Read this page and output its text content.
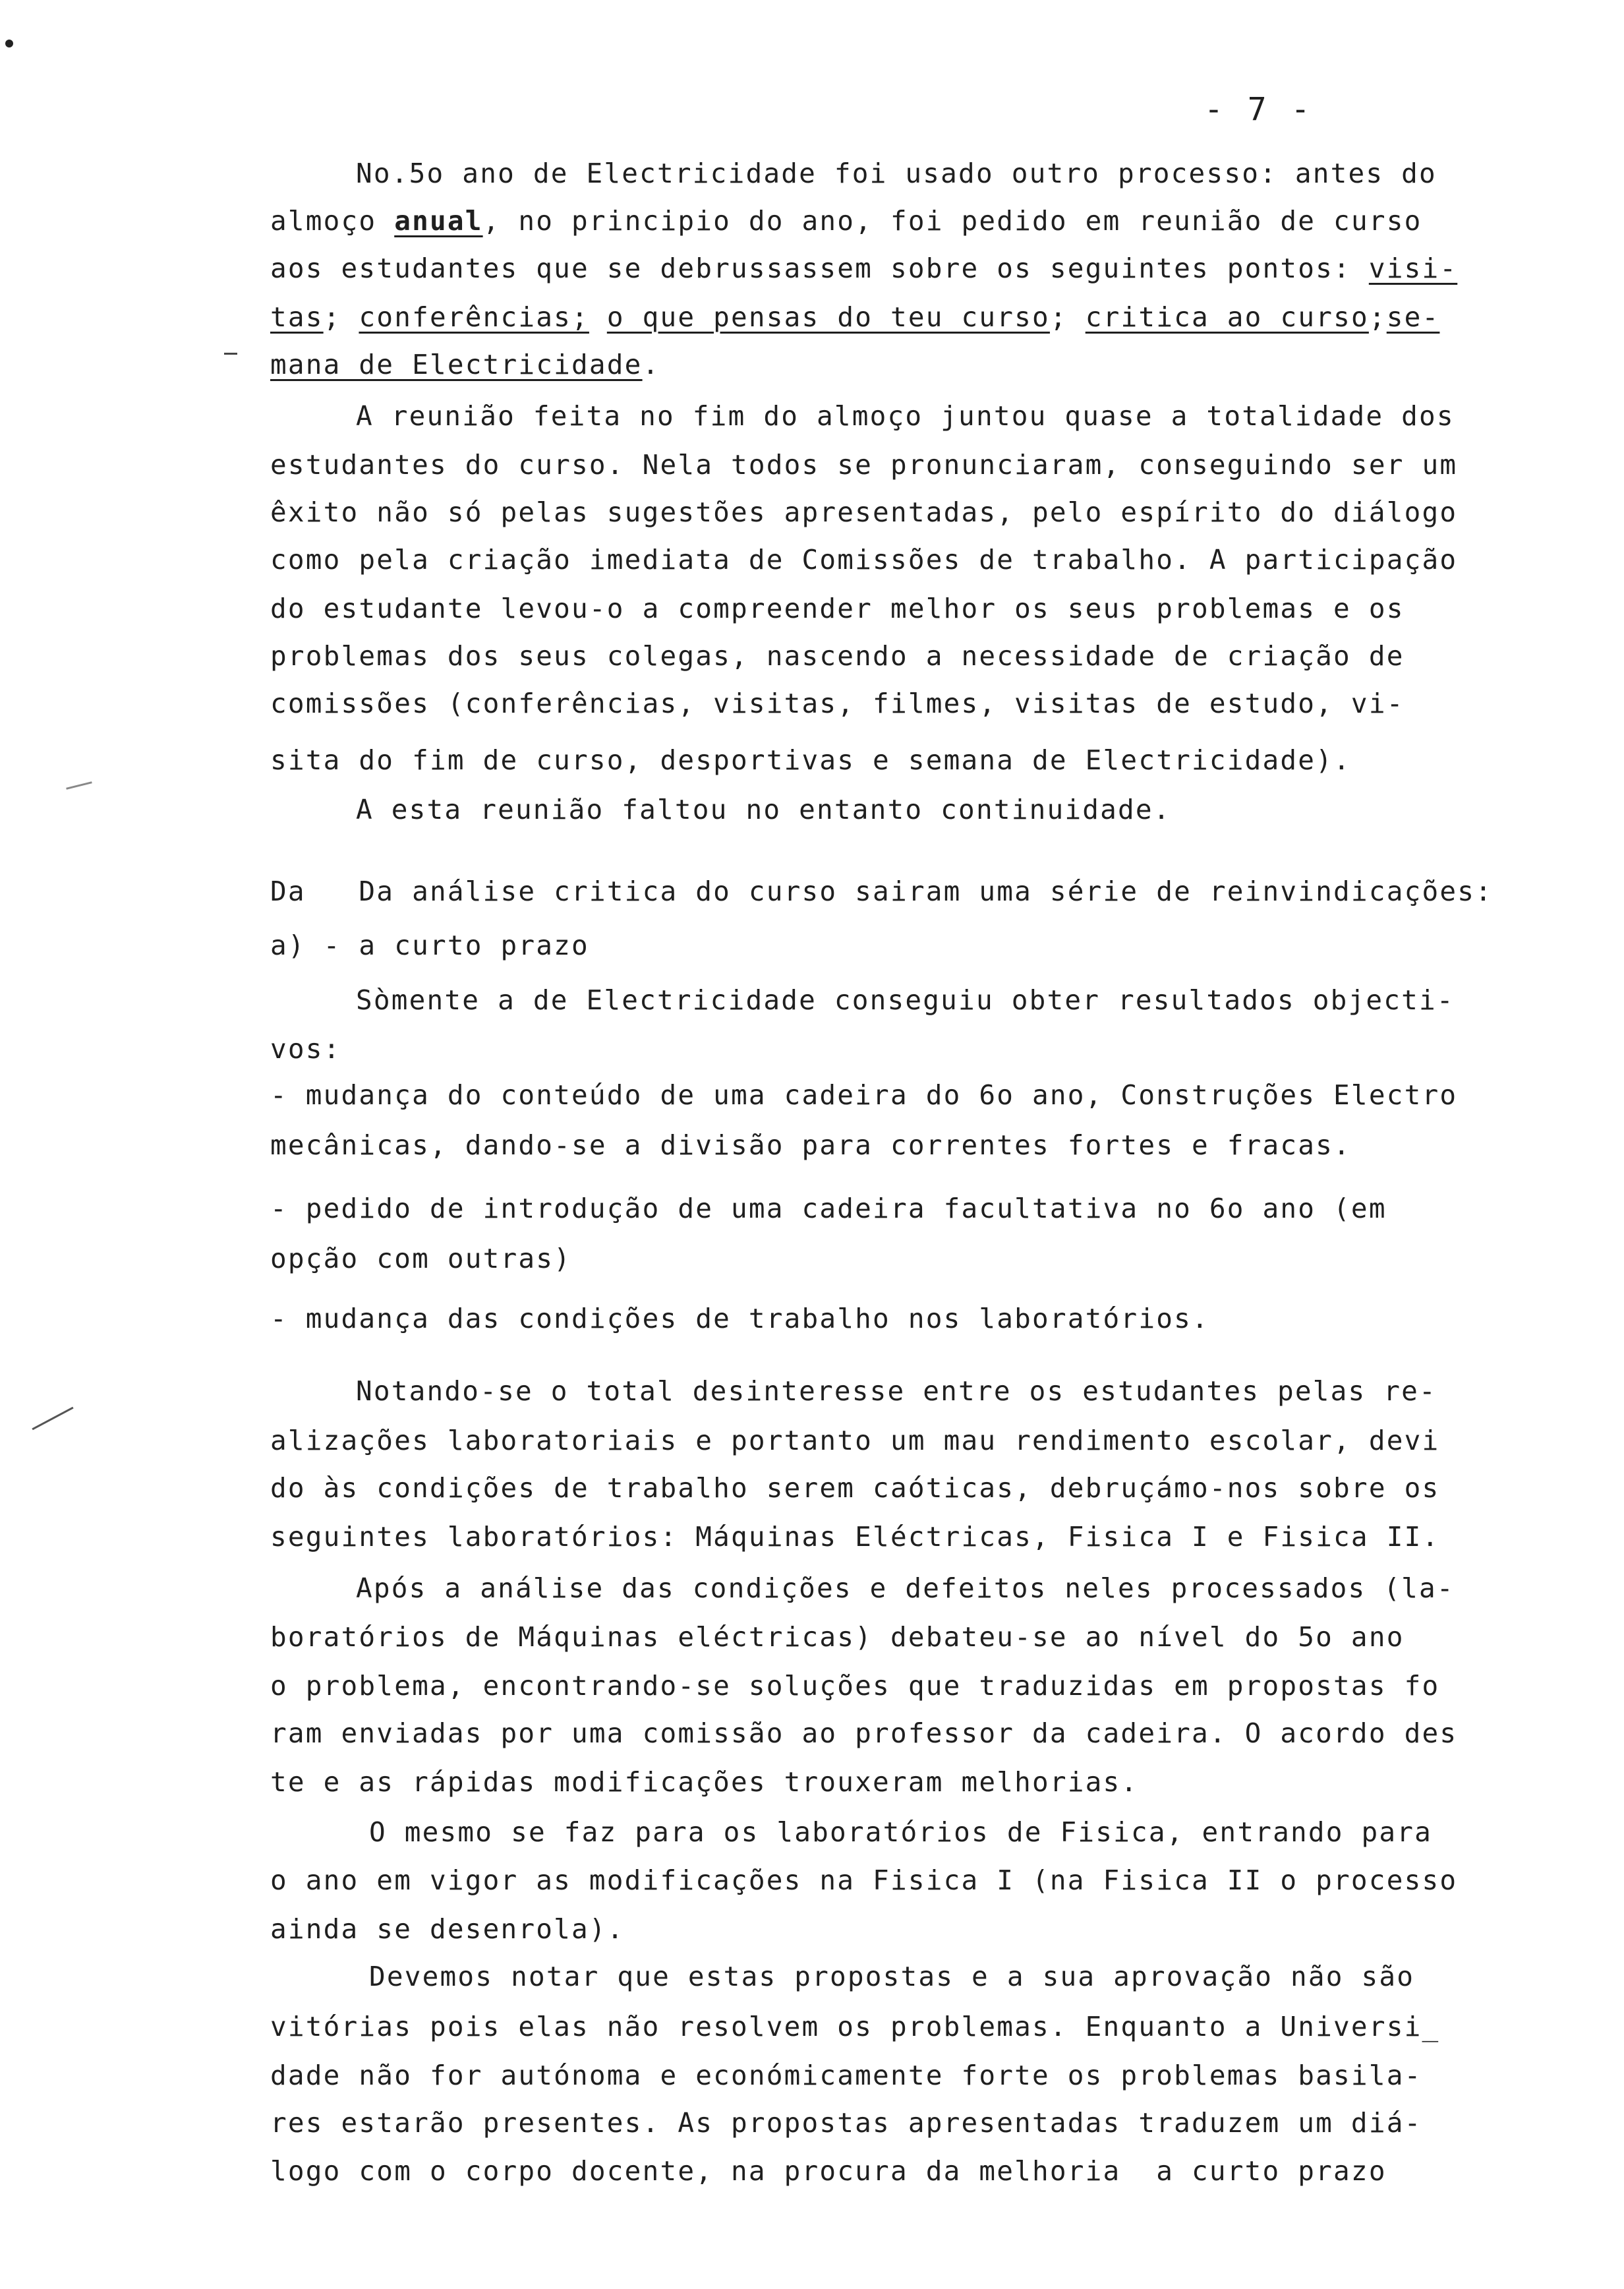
- 7 -
No.5o ano de Electricidade foi usado outro processo: antes do
almoço anual, no principio do ano, foi pedido em reunião de curso
aos estudantes que se debrussassem sobre os seguintes pontos: visi-
tas; conferências; o que pensas do teu curso; critica ao curso;se-
mana de Electricidade.
A reunião feita no fim do almoço juntou quase a totalidade dos
estudantes do curso. Nela todos se pronunciaram, conseguindo ser um
êxito não só pelas sugestões apresentadas, pelo espírito do diálogo
como pela criação imediata de Comissões de trabalho. A participação
do estudante levou-o a compreender melhor os seus problemas e os
problemas dos seus colegas, nascendo a necessidade de criação de
comissões (conferências, visitas, filmes, visitas de estudo, vi-
sita do fim de curso, desportivas e semana de Electricidade).
A esta reunião faltou no entanto continuidade.
Da   Da análise critica do curso sairam uma série de reinvindicações:
a) - a curto prazo
Sòmente a de Electricidade conseguiu obter resultados objecti-
vos:
- mudança do conteúdo de uma cadeira do 6o ano, Construções Electro
mecânicas, dando-se a divisão para correntes fortes e fracas.
- pedido de introdução de uma cadeira facultativa no 6o ano (em
opção com outras)
- mudança das condições de trabalho nos laboratórios.
Notando-se o total desinteresse entre os estudantes pelas re-
alizações laboratoriais e portanto um mau rendimento escolar, devi
do às condições de trabalho serem caóticas, debruçámo-nos sobre os
seguintes laboratórios: Máquinas Eléctricas, Fisica I e Fisica II.
Após a análise das condições e defeitos neles processados (la-
boratórios de Máquinas eléctricas) debateu-se ao nível do 5o ano
o problema, encontrando-se soluções que traduzidas em propostas fo
ram enviadas por uma comissão ao professor da cadeira. O acordo des
te e as rápidas modificações trouxeram melhorias.
O mesmo se faz para os laboratórios de Fisica, entrando para
o ano em vigor as modificações na Fisica I (na Fisica II o processo
ainda se desenrola).
Devemos notar que estas propostas e a sua aprovação não são
vitórias pois elas não resolvem os problemas. Enquanto a Universi_
dade não for autónoma e económicamente forte os problemas basila-
res estarão presentes. As propostas apresentadas traduzem um diá-
logo com o corpo docente, na procura da melhoria  a curto prazo
